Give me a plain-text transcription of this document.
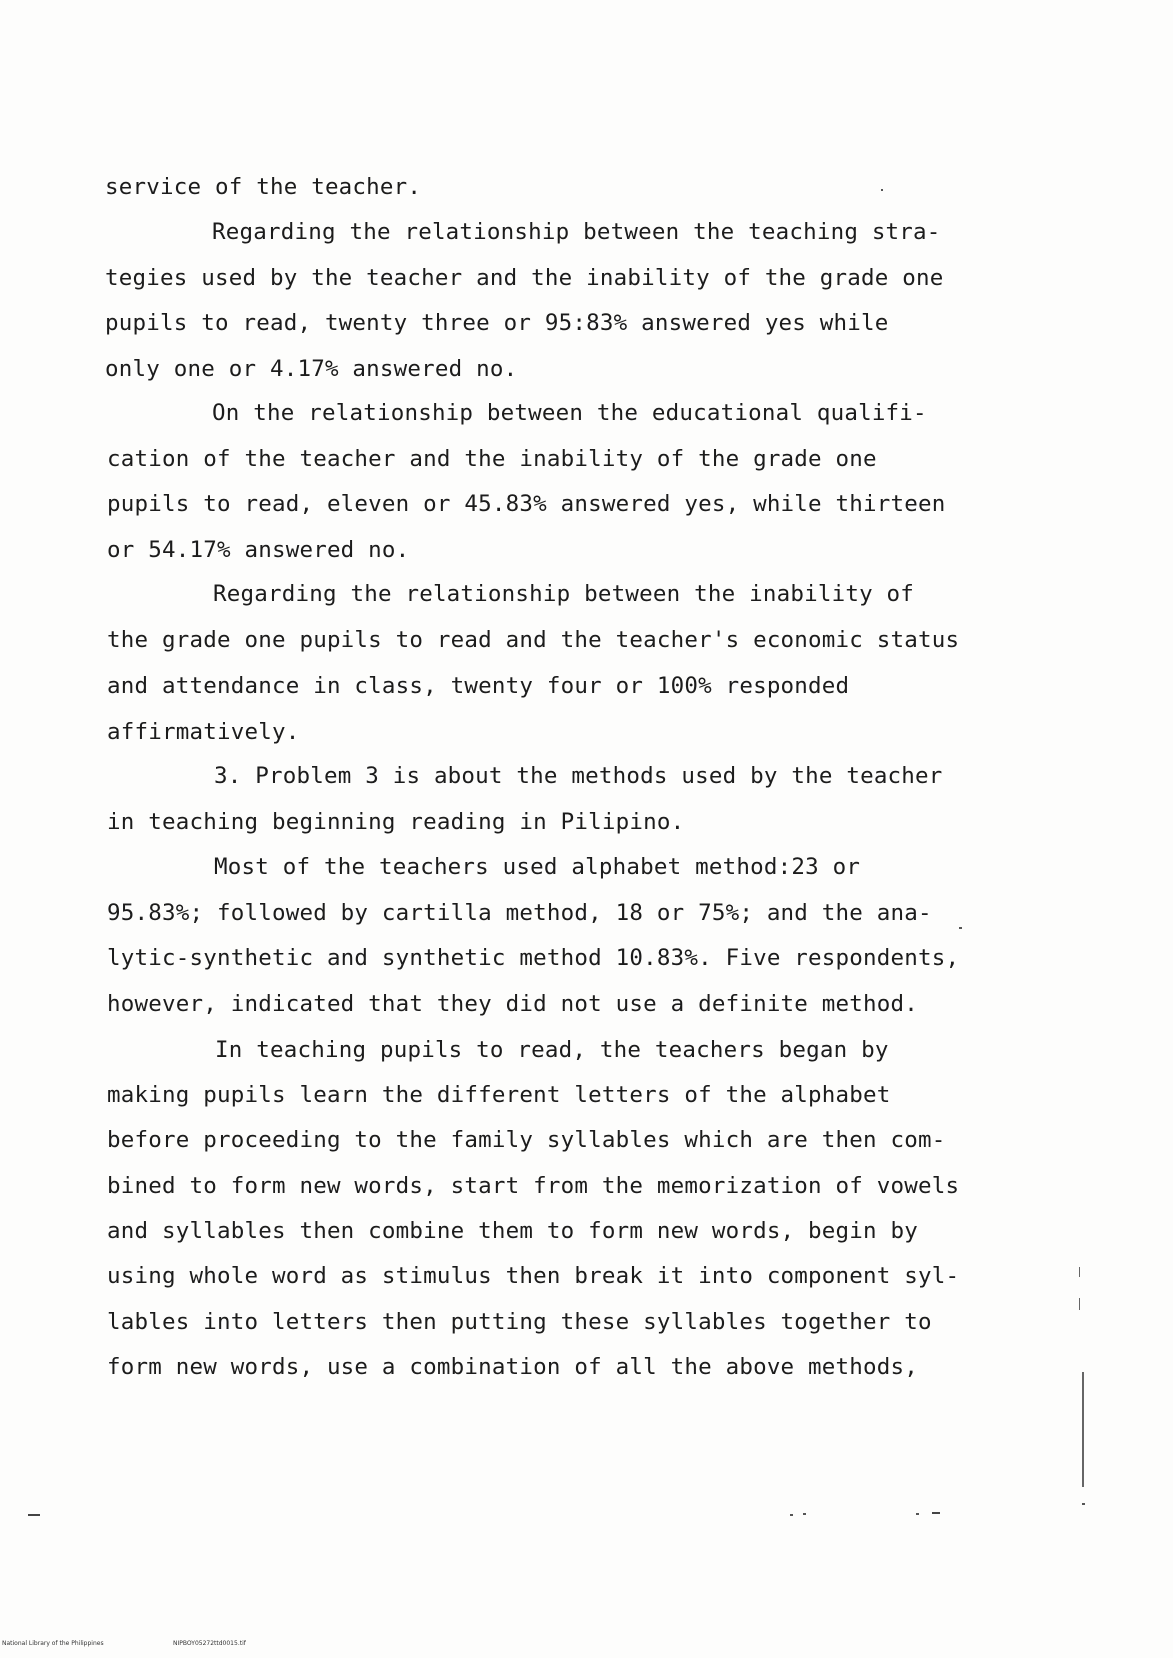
service of the teacher.
Regarding the relationship between the teaching stra-
tegies used by the teacher and the inability of the grade one
pupils to read, twenty three or 95:83% answered yes while
only one or 4.17% answered no.
On the relationship between the educational qualifi-
cation of the teacher and the inability of the grade one
pupils to read, eleven or 45.83% answered yes, while thirteen
or 54.17% answered no.
Regarding the relationship between the inability of
the grade one pupils to read and the teacher's economic status
and attendance in class, twenty four or 100% responded
affirmatively.
3. Problem 3 is about the methods used by the teacher
in teaching beginning reading in Pilipino.
Most of the teachers used alphabet method:23 or
95.83%; followed by cartilla method, 18 or 75%; and the ana-
lytic-synthetic and synthetic method 10.83%. Five respondents,
however, indicated that they did not use a definite method.
In teaching pupils to read, the teachers began by
making pupils learn the different letters of the alphabet
before proceeding to the family syllables which are then com-
bined to form new words, start from the memorization of vowels
and syllables then combine them to form new words, begin by
using whole word as stimulus then break it into component syl-
lables into letters then putting these syllables together to
form new words, use a combination of all the above methods,
National Library of the Philippines	NIPBOY05272ttd0015.tif
